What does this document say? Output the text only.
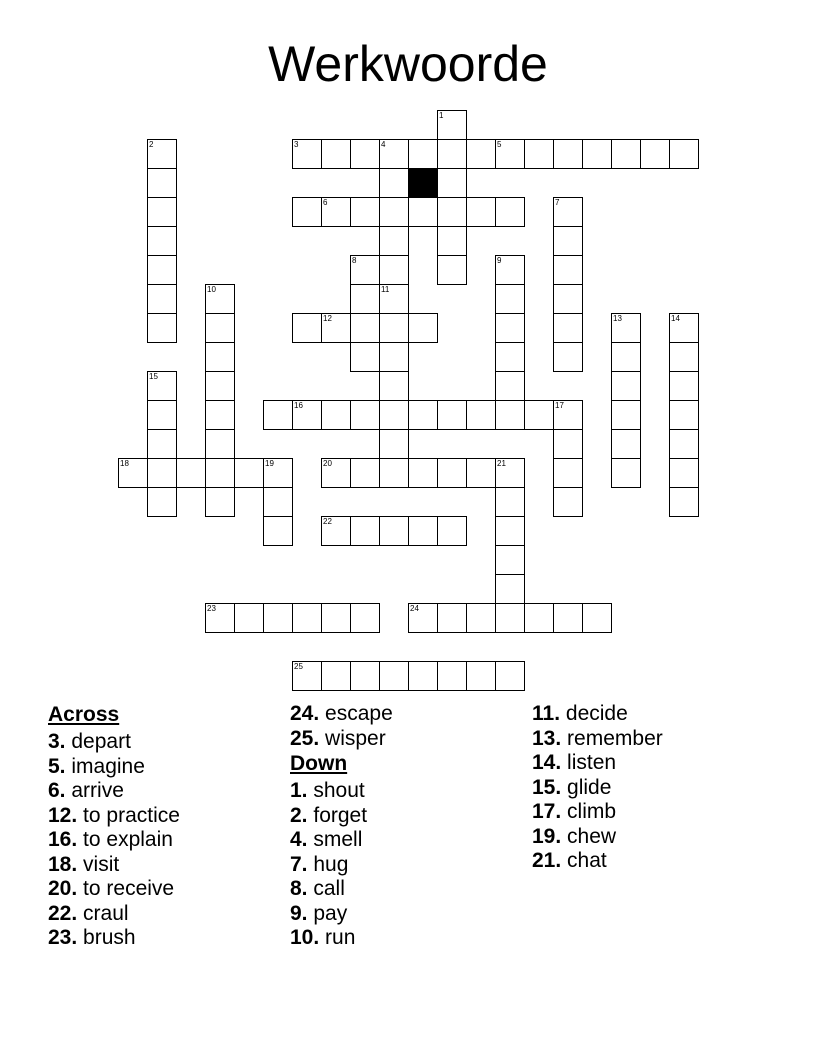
Werkwoorde
3	4	5
6
12
16	17
18	19	20	21
22
23	24
25
1
2
7
8	9
10	11
13	14
15
Across
3. depart
5. imagine
6. arrive
12. to practice
16. to explain
18. visit
20. to receive
22. craul
23. brush
24. escape
25. wisper
Down
1. shout
2. forget
4. smell
7. hug
8. call
9. pay
10. run
11. decide
13. remember
14. listen
15. glide
17. climb
19. chew
21. chat
